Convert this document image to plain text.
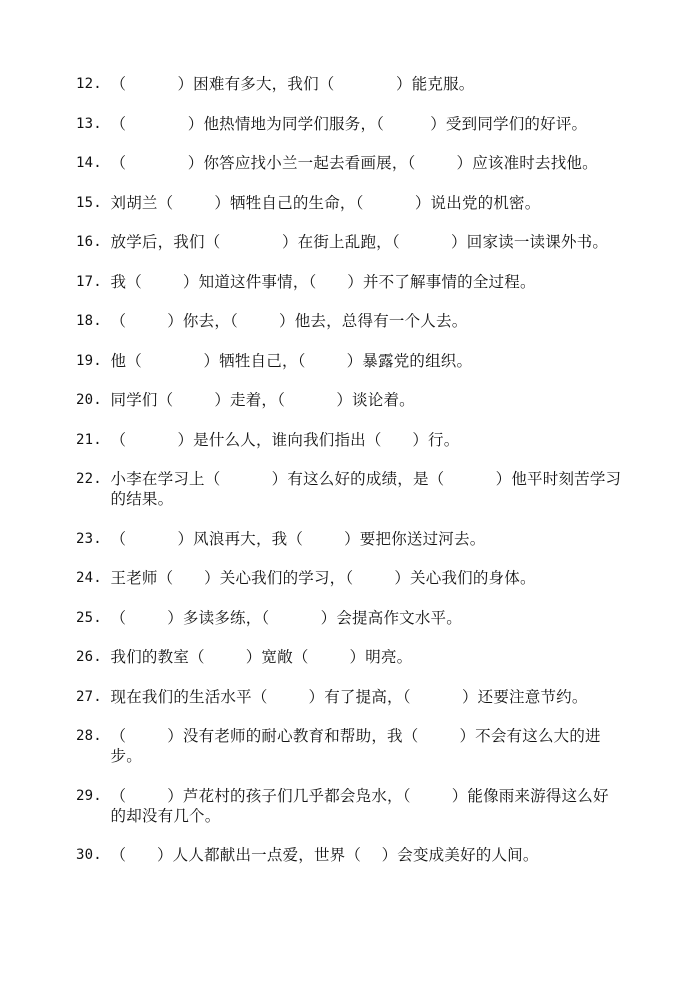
12. （          ）困难有多大，我们（            ）能克服。
13. （            ）他热情地为同学们服务，（         ）受到同学们的好评。
14. （            ）你答应找小兰一起去看画展，（        ）应该准时去找他。
15. 刘胡兰（        ）牺牲自己的生命，（          ）说出党的机密。
16. 放学后，我们（            ）在街上乱跑，（          ）回家读一读课外书。
17. 我（        ）知道这件事情，（      ）并不了解事情的全过程。
18. （        ）你去，（        ）他去，总得有一个人去。
19. 他（            ）牺牲自己，（        ）暴露党的组织。
20. 同学们（        ）走着，（          ）谈论着。
21. （          ）是什么人，谁向我们指出（      ）行。
22. 小李在学习上（          ）有这么好的成绩，是（          ）他平时刻苦学习的结果。
23. （          ）风浪再大，我（        ）要把你送过河去。
24. 王老师（      ）关心我们的学习，（        ）关心我们的身体。
25. （        ）多读多练，（          ）会提高作文水平。
26. 我们的教室（        ）宽敞（        ）明亮。
27. 现在我们的生活水平（        ）有了提高，（          ）还要注意节约。
28. （        ）没有老师的耐心教育和帮助，我（        ）不会有这么大的进步。
29. （        ）芦花村的孩子们几乎都会凫水，（        ）能像雨来游得这么好的却没有几个。
30. （      ）人人都献出一点爱，世界（    ）会变成美好的人间。
